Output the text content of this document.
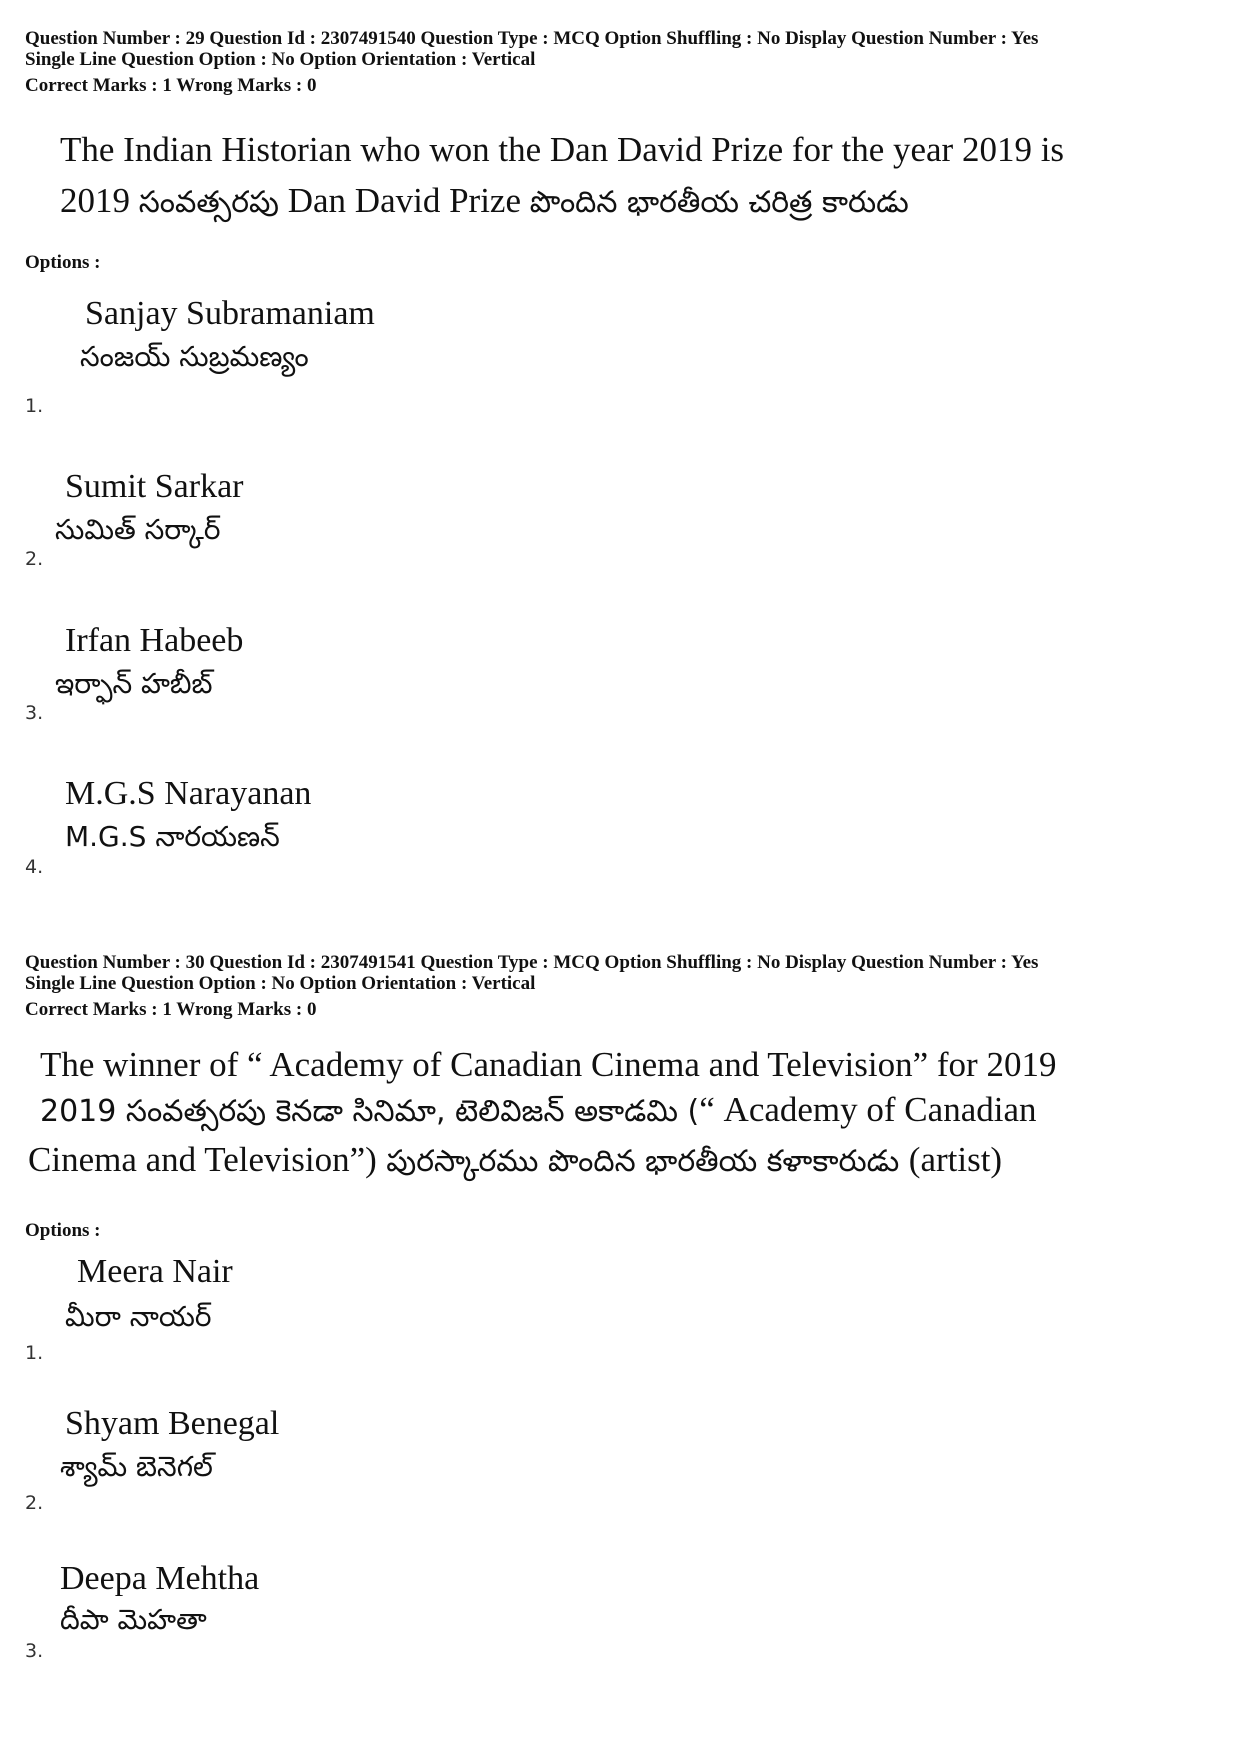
Question Number : 29 Question Id : 2307491540 Question Type : MCQ Option Shuffling : No Display Question Number : Yes
Single Line Question Option : No Option Orientation : Vertical
Correct Marks : 1 Wrong Marks : 0
The Indian Historian who won the Dan David Prize for the year 2019 is
2019 సంవత్సరపు Dan David Prize పొందిన భారతీయ చరిత్ర కారుడు
Options :
Sanjay Subramaniam
సంజయ్ సుబ్రమణ్యం
1.
Sumit Sarkar
సుమిత్ సర్కార్
2.
Irfan Habeeb
ఇర్ఫాన్ హబీబ్
3.
M.G.S Narayanan
M.G.S నారయణన్
4.
Question Number : 30 Question Id : 2307491541 Question Type : MCQ Option Shuffling : No Display Question Number : Yes
Single Line Question Option : No Option Orientation : Vertical
Correct Marks : 1 Wrong Marks : 0
The winner of “ Academy of Canadian Cinema and Television” for 2019
2019 సంవత్సరపు కెనడా సినిమా, టెలివిజన్ అకాడమి (“ Academy of Canadian
Cinema and Television”) పురస్కారము పొందిన భారతీయ కళాకారుడు (artist)
Options :
Meera Nair
మీరా నాయర్
1.
Shyam Benegal
శ్యామ్ బెనెగల్
2.
Deepa Mehtha
దీపా మెహతా
3.
